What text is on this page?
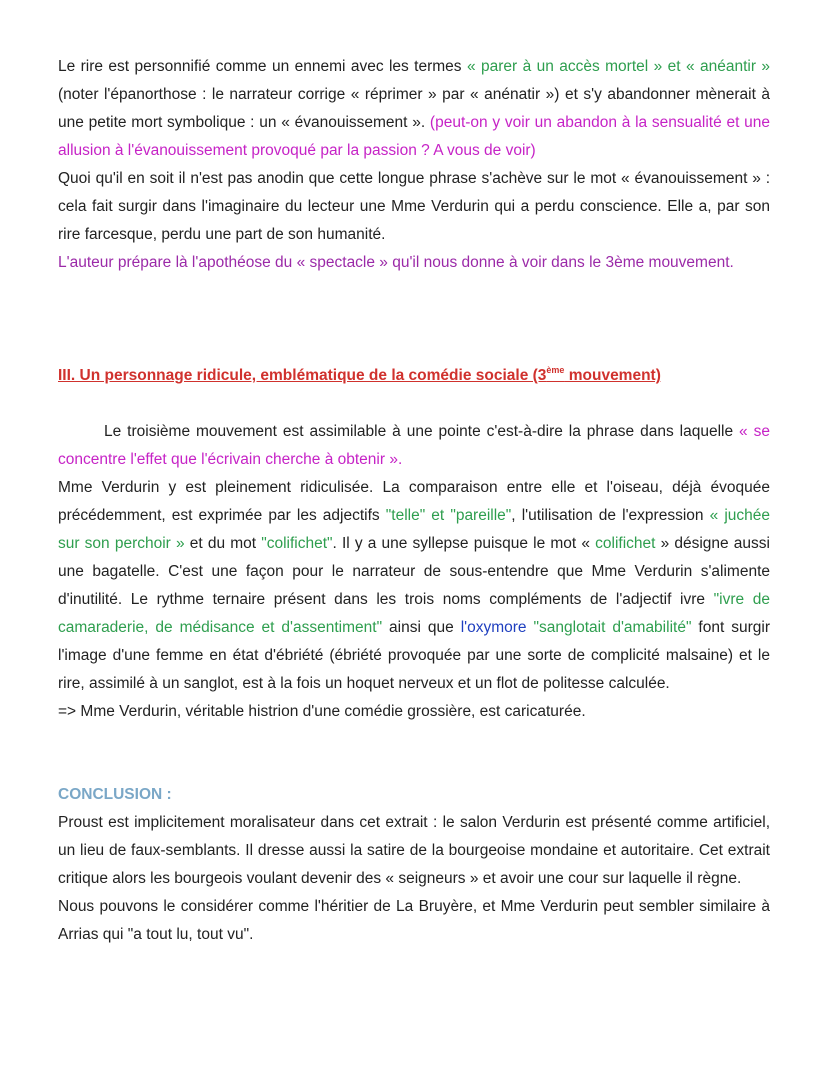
Le rire est personnifié comme un ennemi avec les termes « parer à un accès mortel » et « anéantir » (noter l'épanorthose : le narrateur corrige « réprimer » par « anénatir ») et s'y abandonner mènerait à une petite mort symbolique : un « évanouissement ». (peut-on y voir un abandon à la sensualité et une allusion à l'évanouissement provoqué par la passion ? A vous de voir)

Quoi qu'il en soit il n'est pas anodin que cette longue phrase s'achève sur le mot « évanouissement » : cela fait surgir dans l'imaginaire du lecteur une Mme Verdurin qui a perdu conscience. Elle a, par son rire farcesque, perdu une part de son humanité.

L'auteur prépare là l'apothéose du « spectacle » qu'il nous donne à voir dans le 3ème mouvement.

III. Un personnage ridicule, emblématique de la comédie sociale (3ème mouvement)

Le troisième mouvement est assimilable à une pointe c'est-à-dire la phrase dans laquelle « se concentre l'effet que l'écrivain cherche à obtenir ».

Mme Verdurin y est pleinement ridiculisée. La comparaison entre elle et l'oiseau, déjà évoquée précédemment, est exprimée par les adjectifs "telle" et "pareille", l'utilisation de l'expression « juchée sur son perchoir » et du mot "colifichet". Il y a une syllepse puisque le mot « colifichet » désigne aussi une bagatelle. C'est une façon pour le narrateur de sous-entendre que Mme Verdurin s'alimente d'inutilité. Le rythme ternaire présent dans les trois noms compléments de l'adjectif ivre "ivre de camaraderie, de médisance et d'assentiment" ainsi que l'oxymore "sanglotait d'amabilité" font surgir l'image d'une femme en état d'ébriété (ébriété provoquée par une sorte de complicité malsaine) et le rire, assimilé à un sanglot, est à la fois un hoquet nerveux et un flot de politesse calculée.

=> Mme Verdurin, véritable histrion d'une comédie grossière, est caricaturée.

CONCLUSION :

Proust est implicitement moralisateur dans cet extrait : le salon Verdurin est présenté comme artificiel, un lieu de faux-semblants. Il dresse aussi la satire de la bourgeoise mondaine et autoritaire. Cet extrait critique alors les bourgeois voulant devenir des « seigneurs » et avoir une cour sur laquelle il règne.

Nous pouvons le considérer comme l'héritier de La Bruyère, et Mme Verdurin peut sembler similaire à Arrias qui "a tout lu, tout vu".
